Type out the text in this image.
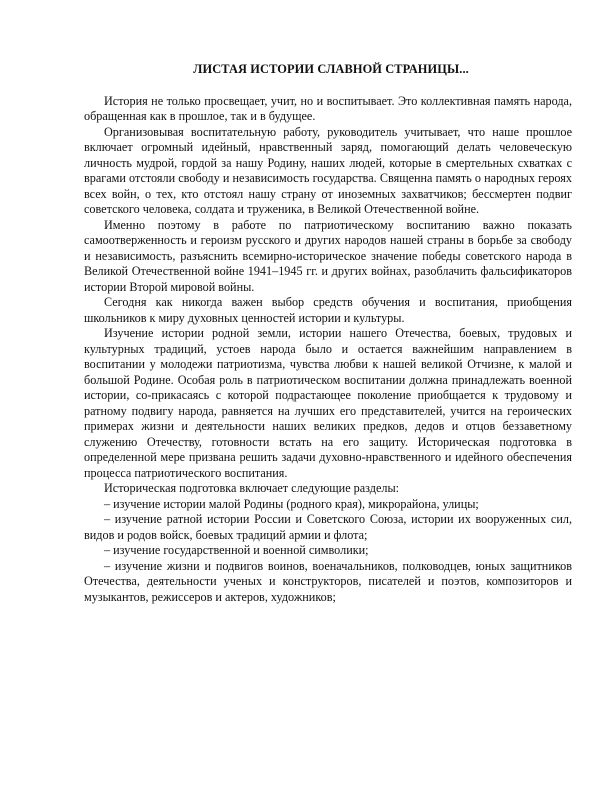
ЛИСТАЯ ИСТОРИИ СЛАВНОЙ СТРАНИЦЫ...

История не только просвещает, учит, но и воспитывает. Это коллективная память народа, обращенная как в прошлое, так и в будущее.

Организовывая воспитательную работу, руководитель учитывает, что наше прошлое включает огромный идейный, нравственный заряд, помогающий делать человеческую личность мудрой, гордой за нашу Родину, наших людей, которые в смертельных схватках с врагами отстояли свободу и независимость государства. Священна память о народных героях всех войн, о тех, кто отстоял нашу страну от иноземных захватчиков; бессмертен подвиг советского человека, солдата и труженика, в Великой Отечественной войне.

Именно поэтому в работе по патриотическому воспитанию важно показать самоотверженность и героизм русского и других народов нашей страны в борьбе за свободу и независимость, разъяснить всемирно-историческое значение победы советского народа в Великой Отечественной войне 1941–1945 гг. и других войнах, разоблачить фальсификаторов истории Второй мировой войны.

Сегодня как никогда важен выбор средств обучения и воспитания, приобщения школьников к миру духовных ценностей истории и культуры.

Изучение истории родной земли, истории нашего Отечества, боевых, трудовых и культурных традиций, устоев народа было и остается важнейшим направлением в воспитании у молодежи патриотизма, чувства любви к нашей великой Отчизне, к малой и большой Родине. Особая роль в патриотическом воспитании должна принадлежать военной истории, со-прикасаясь с которой подрастающее поколение приобщается к трудовому и ратному подвигу народа, равняется на лучших его представителей, учится на героических примерах жизни и деятельности наших великих предков, дедов и отцов беззаветному служению Отечеству, готовности встать на его защиту. Историческая подготовка в определенной мере призвана решить задачи духовно-нравственного и идейного обеспечения процесса патриотического воспитания.

Историческая подготовка включает следующие разделы:

– изучение истории малой Родины (родного края), микрорайона, улицы;

– изучение ратной истории России и Советского Союза, истории их вооруженных сил, видов и родов войск, боевых традиций армии и флота;

– изучение государственной и военной символики;

– изучение жизни и подвигов воинов, военачальников, полководцев, юных защитников Отечества, деятельности ученых и конструкторов, писателей и поэтов, композиторов и музыкантов, режиссеров и актеров, художников;
